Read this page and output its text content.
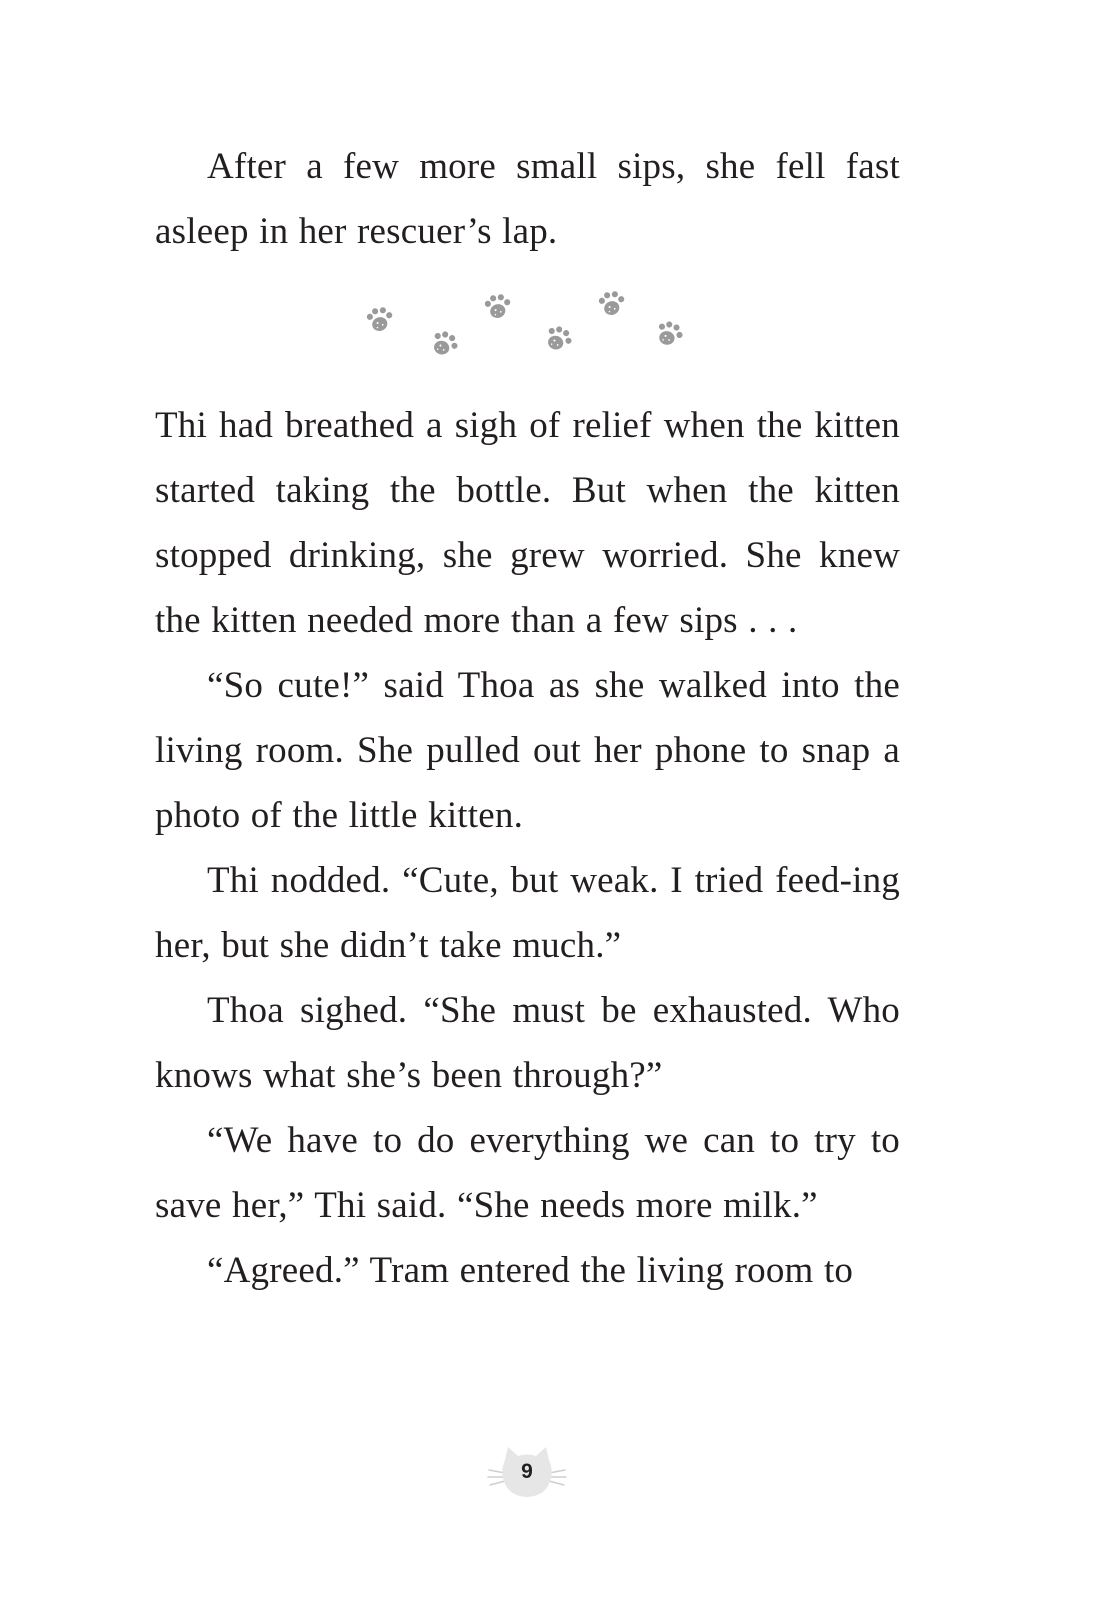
After a few more small sips, she fell fast asleep in her rescuer’s lap.

Thi had breathed a sigh of relief when the kitten started taking the bottle. But when the kitten stopped drinking, she grew worried. She knew the kitten needed more than a few sips . . .

“So cute!” said Thoa as she walked into the living room. She pulled out her phone to snap a photo of the little kitten.

Thi nodded. “Cute, but weak. I tried feed-ing her, but she didn’t take much.”

Thoa sighed. “She must be exhausted. Who knows what she’s been through?”

“We have to do everything we can to try to save her,” Thi said. “She needs more milk.”

“Agreed.” Tram entered the living room to

9
